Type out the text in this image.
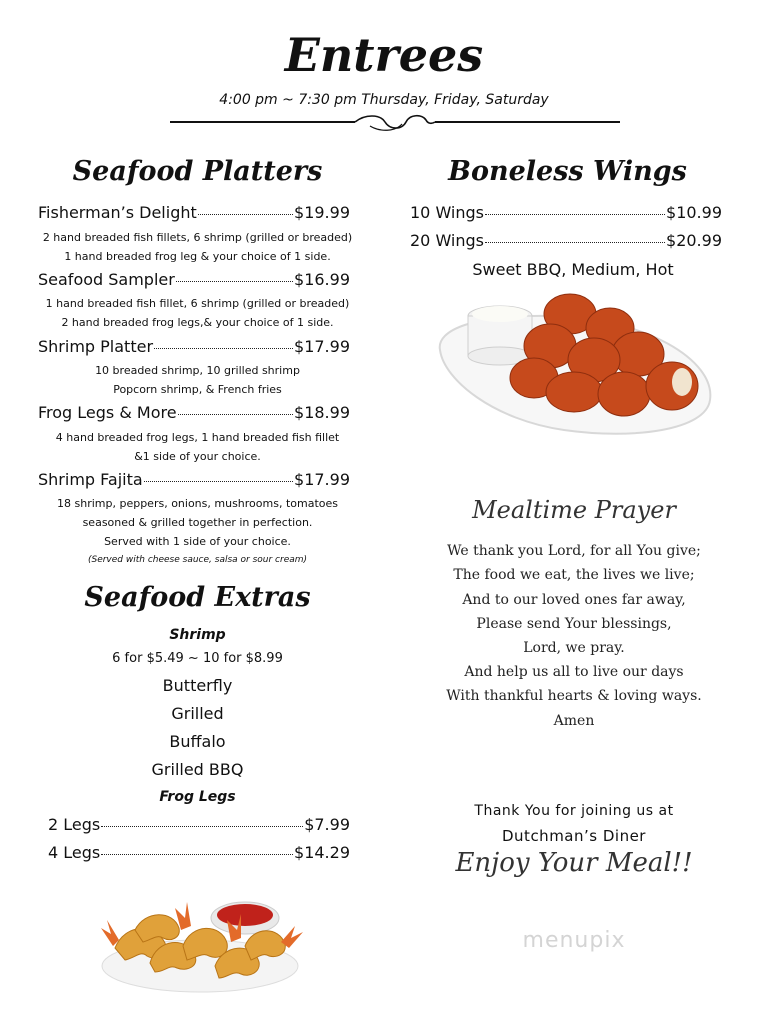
Entrees
4:00 pm ~ 7:30 pm Thursday, Friday, Saturday
Seafood Platters
Fisherman’s Delight	$19.99
2 hand breaded fish fillets, 6 shrimp (grilled or breaded)
1 hand breaded frog leg & your choice of 1 side.
Seafood Sampler	$16.99
1 hand breaded fish fillet, 6 shrimp (grilled or breaded)
2 hand breaded frog legs,& your choice of 1 side.
Shrimp Platter	$17.99
10 breaded shrimp, 10 grilled shrimp
Popcorn shrimp, & French fries
Frog Legs & More	$18.99
4 hand breaded frog legs, 1 hand breaded fish fillet
&1 side of your choice.
Shrimp Fajita	$17.99
18 shrimp, peppers, onions, mushrooms, tomatoes
seasoned & grilled together in perfection.
Served with 1 side of your choice.
(Served with cheese sauce, salsa or sour cream)
Seafood Extras
Shrimp
6 for $5.49 ~ 10 for $8.99
Butterfly
Grilled
Buffalo
Grilled BBQ
Frog Legs
2 Legs	$7.99
4 Legs	$14.29
Boneless Wings
10 Wings	$10.99
20 Wings	$20.99
Sweet BBQ, Medium, Hot
Mealtime Prayer
We thank you Lord, for all You give;
The food we eat, the lives we live;
And to our loved ones far away,
Please send Your blessings,
Lord, we pray.
And help us all to live our days
With thankful hearts & loving ways.
Amen
Thank You for joining us at
Dutchman’s Diner
Enjoy Your Meal!!
menupix
